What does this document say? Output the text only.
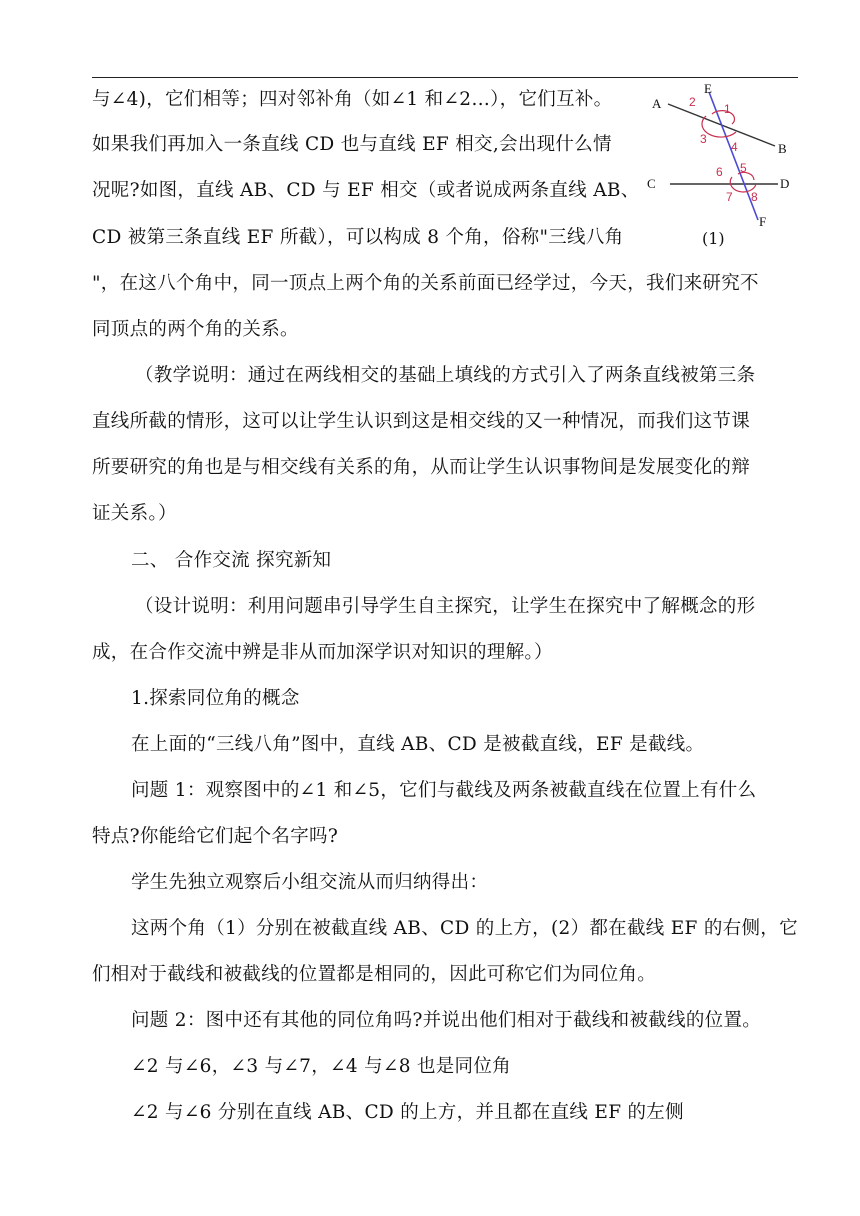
与∠4)，它们相等；四对邻补角（如∠1 和∠2…），它们互补。
如果我们再加入一条直线 CD 也与直线 EF 相交,会出现什么情
况呢?如图，直线 AB、CD 与 EF 相交（或者说成两条直线 AB、
CD 被第三条直线 EF 所截），可以构成 8 个角，俗称"三线八角
"，在这八个角中，同一顶点上两个角的关系前面已经学过，今天，我们来研究不
同顶点的两个角的关系。
（教学说明：通过在两线相交的基础上填线的方式引入了两条直线被第三条
直线所截的情形，这可以让学生认识到这是相交线的又一种情况，而我们这节课
所要研究的角也是与相交线有关系的角，从而让学生认识事物间是发展变化的辩
证关系。）
二、 合作交流 探究新知
（设计说明：利用问题串引导学生自主探究，让学生在探究中了解概念的形
成，在合作交流中辨是非从而加深学识对知识的理解。）
1.探索同位角的概念
在上面的“三线八角”图中，直线 AB、CD 是被截直线，EF 是截线。
问题 1：观察图中的∠1 和∠5，它们与截线及两条被截直线在位置上有什么
特点?你能给它们起个名字吗?
学生先独立观察后小组交流从而归纳得出：
这两个角（1）分别在被截直线 AB、CD 的上方，(2）都在截线 EF 的右侧，它
们相对于截线和被截线的位置都是相同的，因此可称它们为同位角。
问题 2：图中还有其他的同位角吗?并说出他们相对于截线和被截线的位置。
∠2 与∠6，∠3 与∠7，∠4 与∠8 也是同位角
∠2 与∠6 分别在直线 AB、CD 的上方，并且都在直线 EF 的左侧
A
B
C	D
E
F
1
2
3
4
5
6
7 8
(1)
